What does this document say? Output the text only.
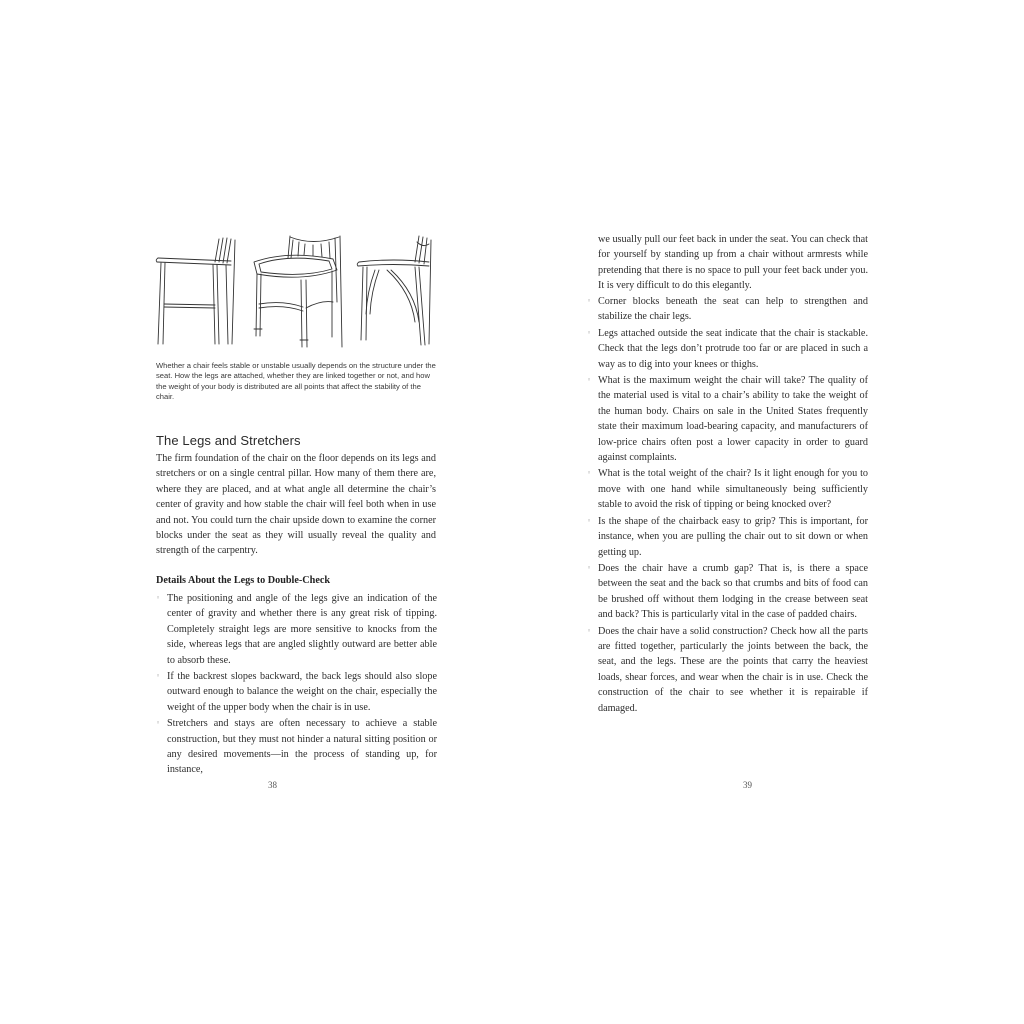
Whether a chair feels stable or unstable usually depends on the structure under the seat. How the legs are attached, whether they are linked together or not, and how the weight of your body is distributed are all points that affect the stability of the chair.
The Legs and Stretchers

The firm foundation of the chair on the floor depends on its legs and stretchers or on a single central pillar. How many of them there are, where they are placed, and at what angle all determine the chair’s center of gravity and how stable the chair will feel both when in use and not. You could turn the chair upside down to examine the corner blocks under the seat as they will usually reveal the quality and strength of the carpentry.

Details About the Legs to Double-Check
◦ The positioning and angle of the legs give an indication of the center of gravity and whether there is any great risk of tipping. Completely straight legs are more sensitive to knocks from the side, whereas legs that are angled slightly outward are better able to absorb these.
◦ If the backrest slopes backward, the back legs should also slope outward enough to balance the weight on the chair, especially the weight of the upper body when the chair is in use.
◦ Stretchers and stays are often necessary to achieve a stable construction, but they must not hinder a natural sitting position or any desired movements—in the process of standing up, for instance,
38

we usually pull our feet back in under the seat. You can check that for yourself by standing up from a chair without armrests while pretending that there is no space to pull your feet back under you. It is very difficult to do this elegantly.

◦ Corner blocks beneath the seat can help to strengthen and stabilize the chair legs.
◦ Legs attached outside the seat indicate that the chair is stackable. Check that the legs don’t protrude too far or are placed in such a way as to dig into your knees or thighs.
◦ What is the maximum weight the chair will take? The quality of the material used is vital to a chair’s ability to take the weight of the human body. Chairs on sale in the United States frequently state their maximum load-bearing capacity, and manufacturers of low-price chairs often post a lower capacity in order to guard against complaints.
◦ What is the total weight of the chair? Is it light enough for you to move with one hand while simultaneously being sufficiently stable to avoid the risk of tipping or being knocked over?
◦ Is the shape of the chairback easy to grip? This is important, for instance, when you are pulling the chair out to sit down or when getting up.
◦ Does the chair have a crumb gap? That is, is there a space between the seat and the back so that crumbs and bits of food can be brushed off without them lodging in the crease between seat and back? This is particularly vital in the case of padded chairs.
◦ Does the chair have a solid construction? Check how all the parts are fitted together, particularly the joints between the back, the seat, and the legs. These are the points that carry the heaviest loads, shear forces, and wear when the chair is in use. Check the construction of the chair to see whether it is repairable if damaged.
39
